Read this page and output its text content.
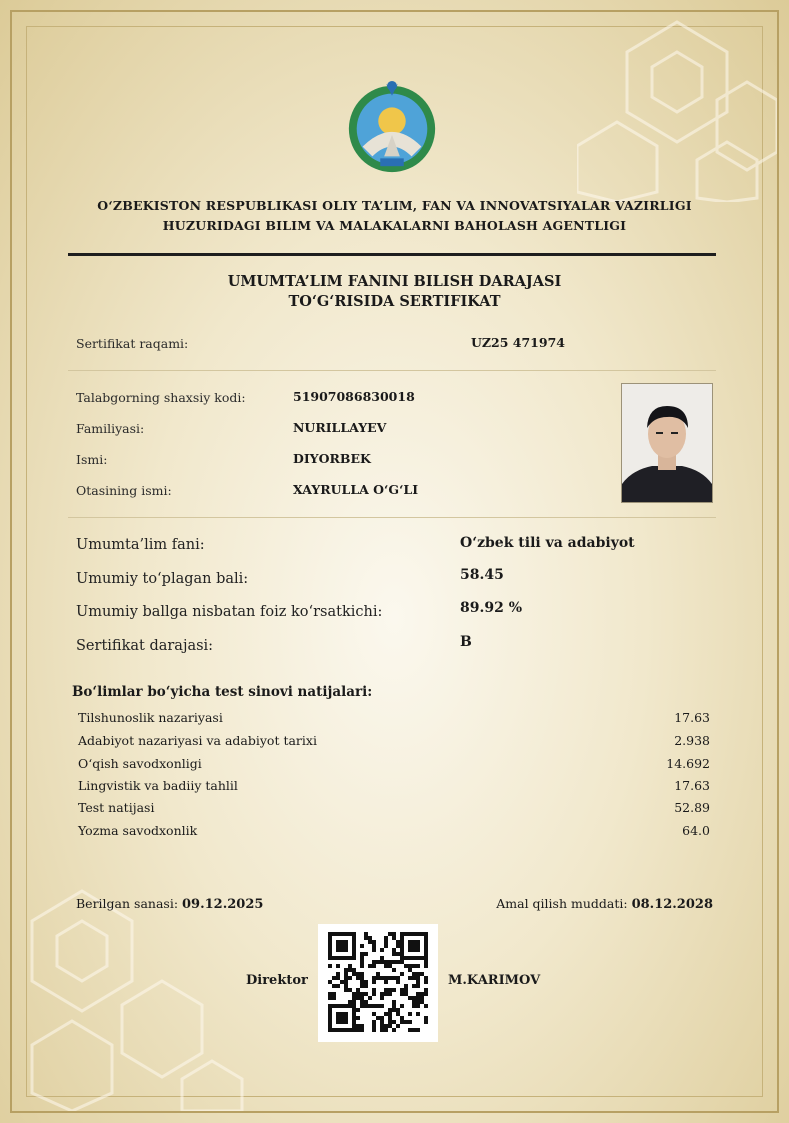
O‘ZBEKISTON RESPUBLIKASI OLIY TA’LIM, FAN VA INNOVATSIYALAR VAZIRLIGI
HUZURIDAGI BILIM VA MALAKALARNI BAHOLASH AGENTLIGI
UMUMTA’LIM FANINI BILISH DARAJASI
TO‘G‘RISIDA SERTIFIKAT
Sertifikat raqami:	UZ25 471974
Talabgorning shaxsiy kodi:	51907086830018
Familiyasi:	NURILLAYEV
Ismi:	DIYORBEK
Otasining ismi:	XAYRULLA O‘G‘LI
Umumta’lim fani:	O‘zbek tili va adabiyot
Umumiy to‘plagan bali:	58.45
Umumiy ballga nisbatan foiz ko‘rsatkichi:	89.92 %
Sertifikat darajasi:	B
Bo‘limlar bo‘yicha test sinovi natijalari:
Tilshunoslik nazariyasi	17.63
Adabiyot nazariyasi va adabiyot tarixi	2.938
O‘qish savodxonligi	14.692
Lingvistik va badiiy tahlil	17.63
Test natijasi	52.89
Yozma savodxonlik	64.0
Berilgan sanasi: 09.12.2025	Amal qilish muddati: 08.12.2028
Direktor	M.KARIMOV
